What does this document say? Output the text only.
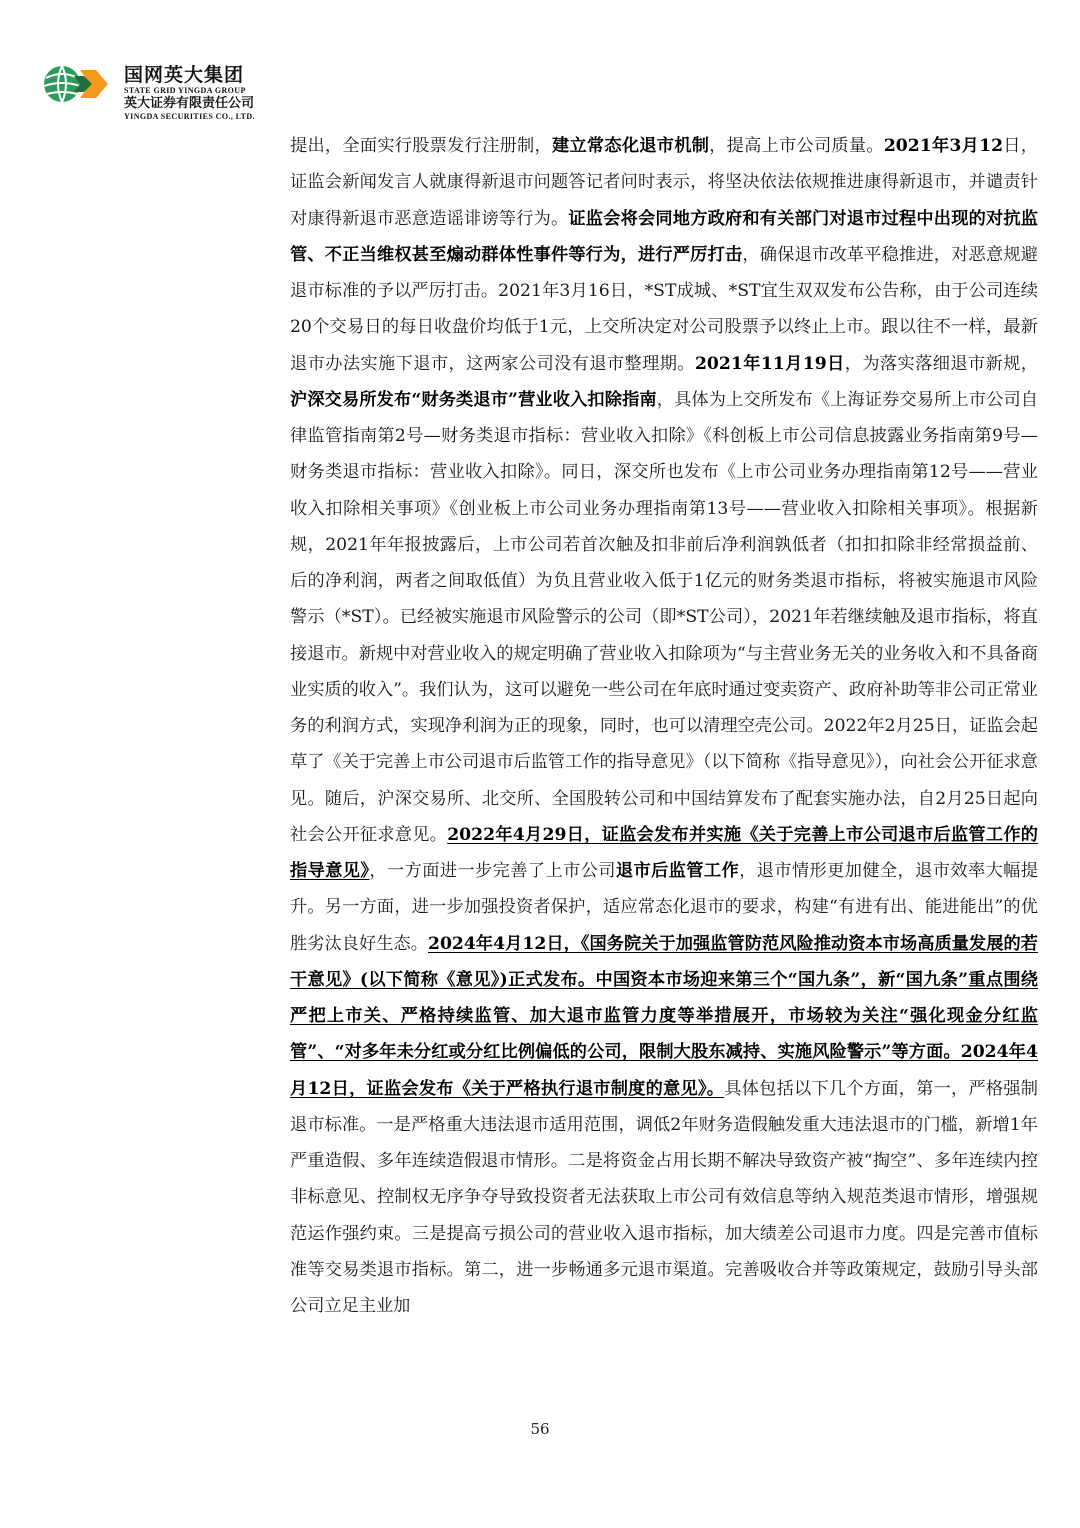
国网英大集团
STATE GRID YINGDA GROUP
英大证券有限责任公司
YINGDA SECURITIES CO., LTD.

提出，全面实行股票发行注册制，建立常态化退市机制，提高上市公司质量。2021年3月12日，证监会新闻发言人就康得新退市问题答记者问时表示，将坚决依法依规推进康得新退市，并谴责针对康得新退市恶意造谣诽谤等行为。证监会将会同地方政府和有关部门对退市过程中出现的对抗监管、不正当维权甚至煽动群体性事件等行为，进行严厉打击，确保退市改革平稳推进，对恶意规避退市标准的予以严厉打击。2021年3月16日，*ST成城、*ST宜生双双发布公告称，由于公司连续20个交易日的每日收盘价均低于1元，上交所决定对公司股票予以终止上市。跟以往不一样，最新退市办法实施下退市，这两家公司没有退市整理期。2021年11月19日，为落实落细退市新规，沪深交易所发布“财务类退市”营业收入扣除指南，具体为上交所发布《上海证券交易所上市公司自律监管指南第2号—财务类退市指标：营业收入扣除》《科创板上市公司信息披露业务指南第9号—财务类退市指标：营业收入扣除》。同日，深交所也发布《上市公司业务办理指南第12号——营业收入扣除相关事项》《创业板上市公司业务办理指南第13号——营业收入扣除相关事项》。根据新规，2021年年报披露后，上市公司若首次触及扣非前后净利润孰低者（扣扣扣除非经常损益前、后的净利润，两者之间取低值）为负且营业收入低于1亿元的财务类退市指标，将被实施退市风险警示（*ST）。已经被实施退市风险警示的公司（即*ST公司），2021年若继续触及退市指标，将直接退市。新规中对营业收入的规定明确了营业收入扣除项为“与主营业务无关的业务收入和不具备商业实质的收入”。我们认为，这可以避免一些公司在年底时通过变卖资产、政府补助等非公司正常业务的利润方式，实现净利润为正的现象，同时，也可以清理空壳公司。2022年2月25日，证监会起草了《关于完善上市公司退市后监管工作的指导意见》（以下简称《指导意见》），向社会公开征求意见。随后，沪深交易所、北交所、全国股转公司和中国结算发布了配套实施办法，自2月25日起向社会公开征求意见。2022年4月29日，证监会发布并实施《关于完善上市公司退市后监管工作的指导意见》，一方面进一步完善了上市公司退市后监管工作，退市情形更加健全，退市效率大幅提升。另一方面，进一步加强投资者保护，适应常态化退市的要求，构建“有进有出、能进能出”的优胜劣汰良好生态。2024年4月12日，《国务院关于加强监管防范风险推动资本市场高质量发展的若干意见》(以下简称《意见》)正式发布。中国资本市场迎来第三个“国九条”，新“国九条”重点围绕严把上市关、严格持续监管、加大退市监管力度等举措展开，市场较为关注“强化现金分红监管”、“对多年未分红或分红比例偏低的公司，限制大股东减持、实施风险警示”等方面。2024年4月12日，证监会发布《关于严格执行退市制度的意见》。具体包括以下几个方面，第一，严格强制退市标准。一是严格重大违法退市适用范围，调低2年财务造假触发重大违法退市的门槛，新增1年严重造假、多年连续造假退市情形。二是将资金占用长期不解决导致资产被“掏空”、多年连续内控非标意见、控制权无序争夺导致投资者无法获取上市公司有效信息等纳入规范类退市情形，增强规范运作强约束。三是提高亏损公司的营业收入退市指标，加大绩差公司退市力度。四是完善市值标准等交易类退市指标。第二，进一步畅通多元退市渠道。完善吸收合并等政策规定，鼓励引导头部公司立足主业加

56
